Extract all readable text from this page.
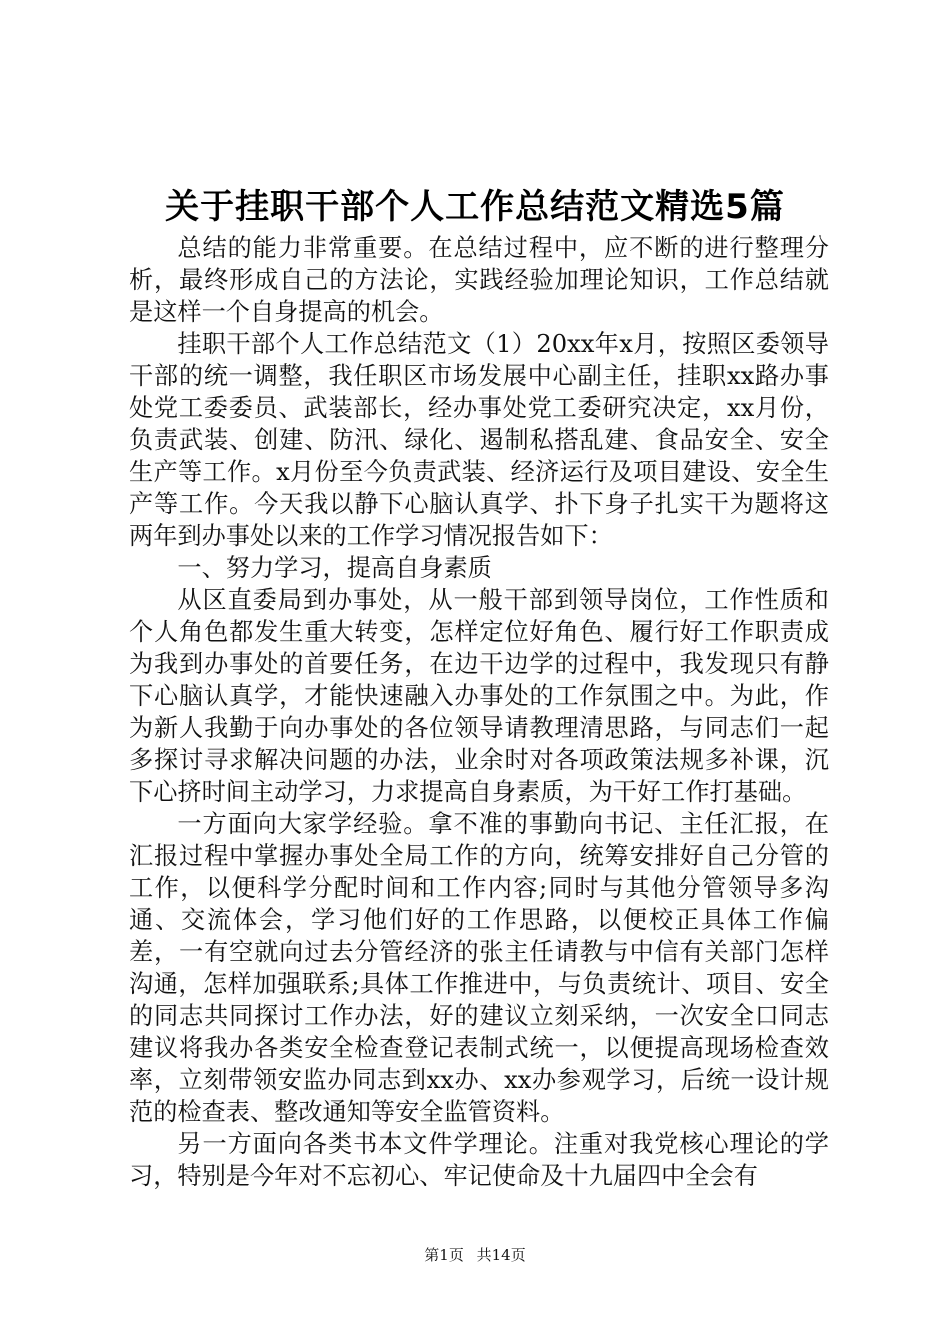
关于挂职干部个人工作总结范文精选5篇

总结的能力非常重要。在总结过程中，应不断的进行整理分析，最终形成自己的方法论，实践经验加理论知识，工作总结就是这样一个自身提高的机会。

挂职干部个人工作总结范文（1）20xx年x月，按照区委领导干部的统一调整，我任职区市场发展中心副主任，挂职xx路办事处党工委委员、武装部长，经办事处党工委研究决定，xx月份，负责武装、创建、防汛、绿化、遏制私搭乱建、食品安全、安全生产等工作。x月份至今负责武装、经济运行及项目建设、安全生产等工作。今天我以静下心脑认真学、扑下身子扎实干为题将这两年到办事处以来的工作学习情况报告如下：

一、努力学习，提高自身素质

从区直委局到办事处，从一般干部到领导岗位，工作性质和个人角色都发生重大转变，怎样定位好角色、履行好工作职责成为我到办事处的首要任务，在边干边学的过程中，我发现只有静下心脑认真学，才能快速融入办事处的工作氛围之中。为此，作为新人我勤于向办事处的各位领导请教理清思路，与同志们一起多探讨寻求解决问题的办法，业余时对各项政策法规多补课，沉下心挤时间主动学习，力求提高自身素质，为干好工作打基础。

一方面向大家学经验。拿不准的事勤向书记、主任汇报，在汇报过程中掌握办事处全局工作的方向，统筹安排好自己分管的工作，以便科学分配时间和工作内容;同时与其他分管领导多沟通、交流体会，学习他们好的工作思路，以便校正具体工作偏差，一有空就向过去分管经济的张主任请教与中信有关部门怎样沟通，怎样加强联系;具体工作推进中，与负责统计、项目、安全的同志共同探讨工作办法，好的建议立刻采纳，一次安全口同志建议将我办各类安全检查登记表制式统一，以便提高现场检查效率，立刻带领安监办同志到xx办、xx办参观学习，后统一设计规范的检查表、整改通知等安全监管资料。

另一方面向各类书本文件学理论。注重对我党核心理论的学习，特别是今年对不忘初心、牢记使命及十九届四中全会有

第1页 共14页
